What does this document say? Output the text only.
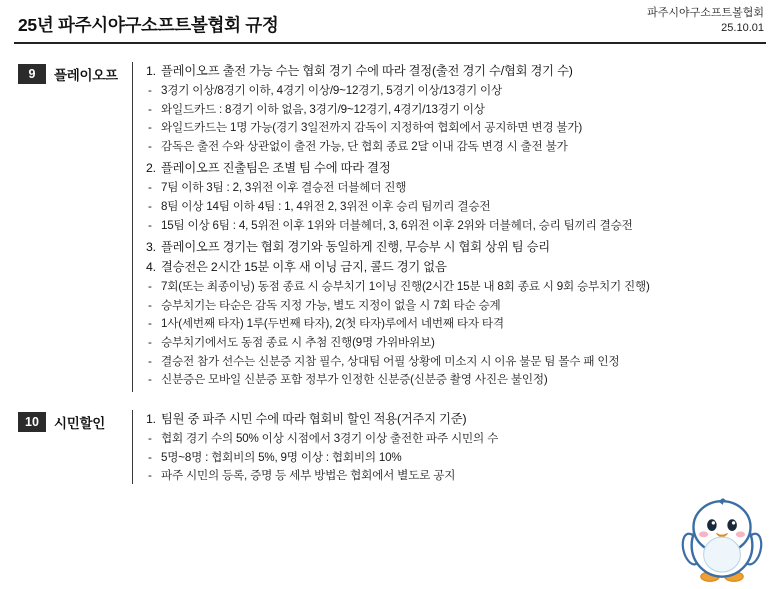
25년 파주시야구소프트볼협회 규정
파주시야구소프트볼협회
25.10.01
9	플레이오프 1. 플레이오프 출전 가능 수는 협회 경기 수에 따라 결정(출전 경기 수/협회 경기 수)
- 3경기 이상/8경기 이하, 4경기 이상/9~12경기, 5경기 이상/13경기 이상
- 와일드카드 : 8경기 이하 없음, 3경기/9~12경기, 4경기/13경기 이상
- 와일드카드는 1명 가능(경기 3일전까지 감독이 지정하여 협회에서 공지하면 변경 불가)
- 감독은 출전 수와 상관없이 출전 가능, 단 협회 종료 2달 이내 감독 변경 시 출전 불가
2. 플레이오프 진출팀은 조별 팀 수에 따라 결정
- 7팀 이하 3팀 : 2, 3위전 이후 결승전 더블헤더 진행
- 8팀 이상 14팀 이하 4팀 : 1, 4위전 2, 3위전 이후 승리 팀끼리 결승전
- 15팀 이상 6팀 : 4, 5위전 이후 1위와 더블헤더, 3, 6위전 이후 2위와 더블헤더, 승리 팀끼리 결승전
3. 플레이오프 경기는 협회 경기와 동일하게 진행, 무승부 시 협회 상위 팀 승리
4. 결승전은 2시간 15분 이후 새 이닝 금지, 콜드 경기 없음
- 7회(또는 최종이닝) 동점 종료 시 승부치기 1이닝 진행(2시간 15분 내 8회 종료 시 9회 승부치기 진행)
- 승부치기는 타순은 감독 지정 가능, 별도 지정이 없을 시 7회 타순 승계
- 1사(세번째 타자) 1루(두번째 타자), 2(첫 타자)루에서 네번째 타자 타격
- 승부치기에서도 동점 종료 시 추첨 진행(9명 가위바위보)
- 결승전 참가 선수는 신분증 지참 필수, 상대팀 어필 상황에 미소지 시 이유 불문 팀 몰수 패 인정
- 신분증은 모바일 신분증 포함 정부가 인정한 신분증(신분증 촬영 사진은 불인정)
10	시민할인	1. 팀원 중 파주 시민 수에 따라 협회비 할인 적용(거주지 기준)
- 협회 경기 수의 50% 이상 시점에서 3경기 이상 출전한 파주 시민의 수
- 5명~8명 : 협회비의 5%, 9명 이상 : 협회비의 10%
- 파주 시민의 등록, 증명 등 세부 방법은 협회에서 별도로 공지
